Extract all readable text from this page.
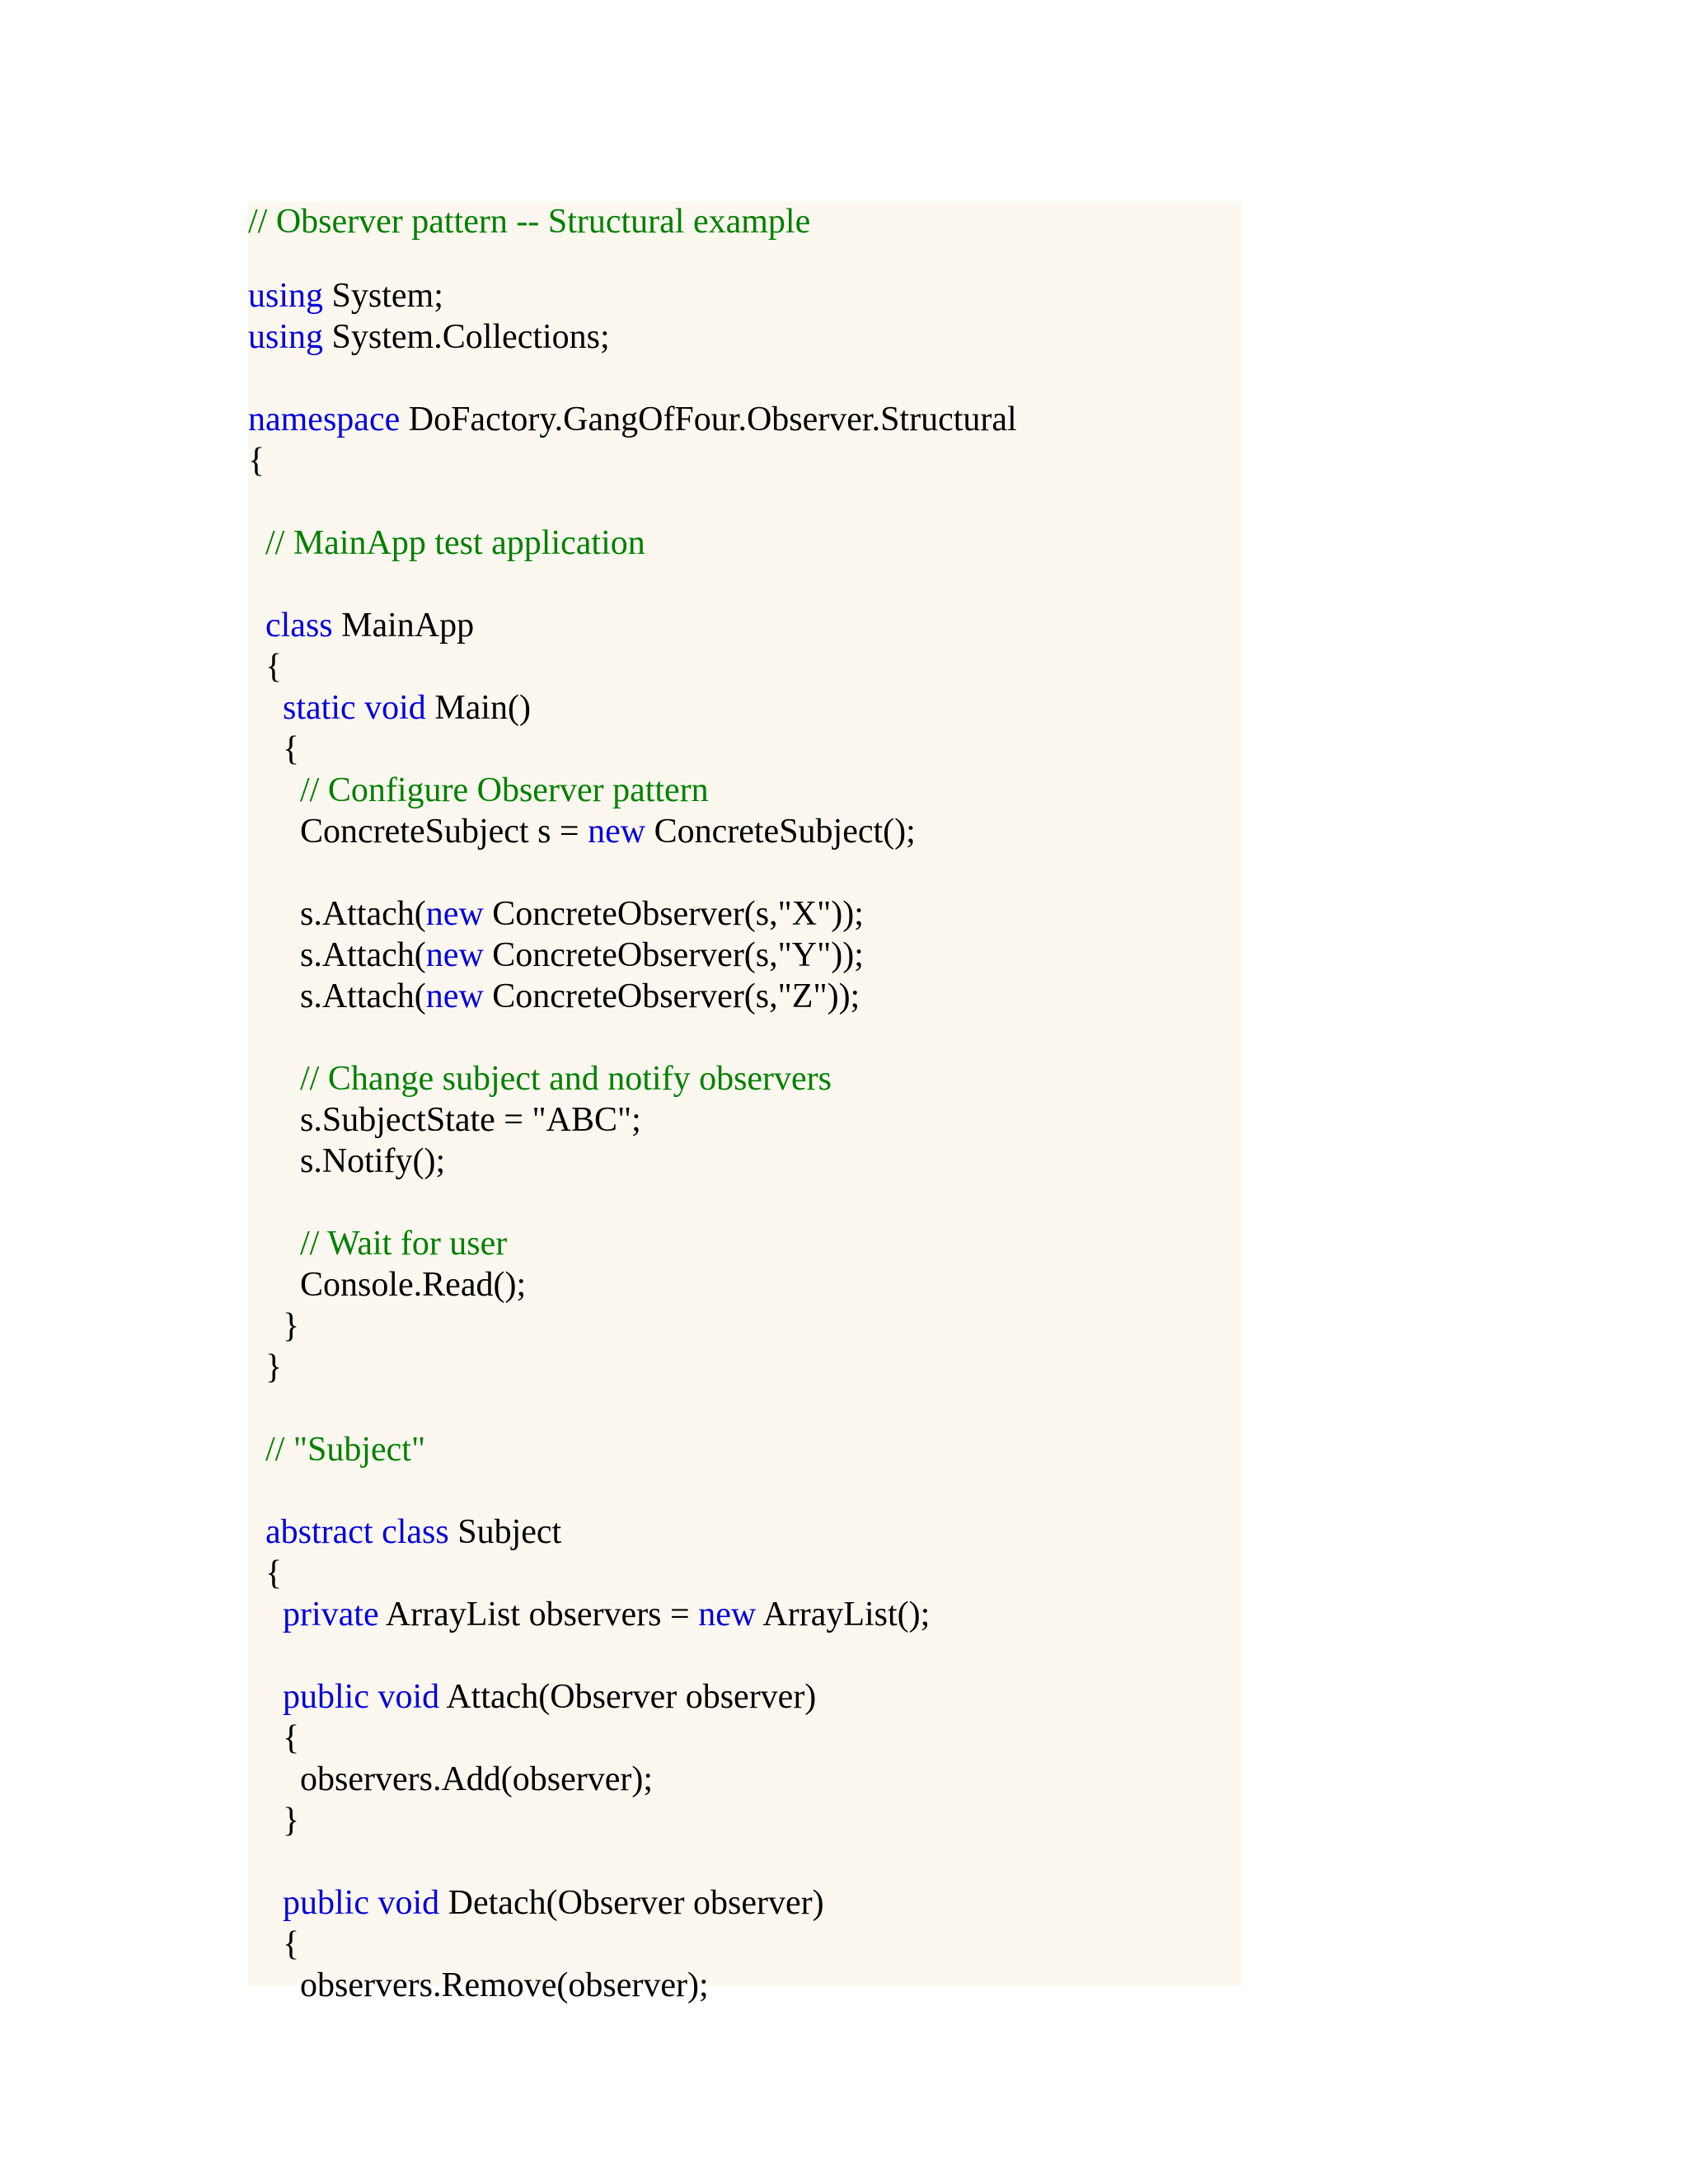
// Observer pattern -- Structural example
using System;
using System.Collections;
namespace DoFactory.GangOfFour.Observer.Structural
{
// MainApp test application
class MainApp
{
static void Main()
{
// Configure Observer pattern
ConcreteSubject s = new ConcreteSubject();
s.Attach(new ConcreteObserver(s,"X"));
s.Attach(new ConcreteObserver(s,"Y"));
s.Attach(new ConcreteObserver(s,"Z"));
// Change subject and notify observers
s.SubjectState = "ABC";
s.Notify();
// Wait for user
Console.Read();
}
}
// "Subject"
abstract class Subject
{
private ArrayList observers = new ArrayList();
public void Attach(Observer observer)
{
observers.Add(observer);
}
public void Detach(Observer observer)
{
observers.Remove(observer);
